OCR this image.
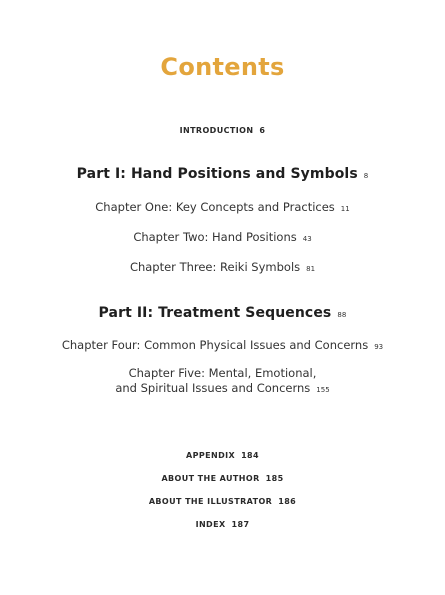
Contents
INTRODUCTION 6
Part I: Hand Positions and Symbols 8
Chapter One: Key Concepts and Practices 11
Chapter Two: Hand Positions 43
Chapter Three: Reiki Symbols 81
Part II: Treatment Sequences 88
Chapter Four: Common Physical Issues and Concerns 93
Chapter Five: Mental, Emotional,
and Spiritual Issues and Concerns 155
APPENDIX 184
ABOUT THE AUTHOR 185
ABOUT THE ILLUSTRATOR 186
INDEX 187
